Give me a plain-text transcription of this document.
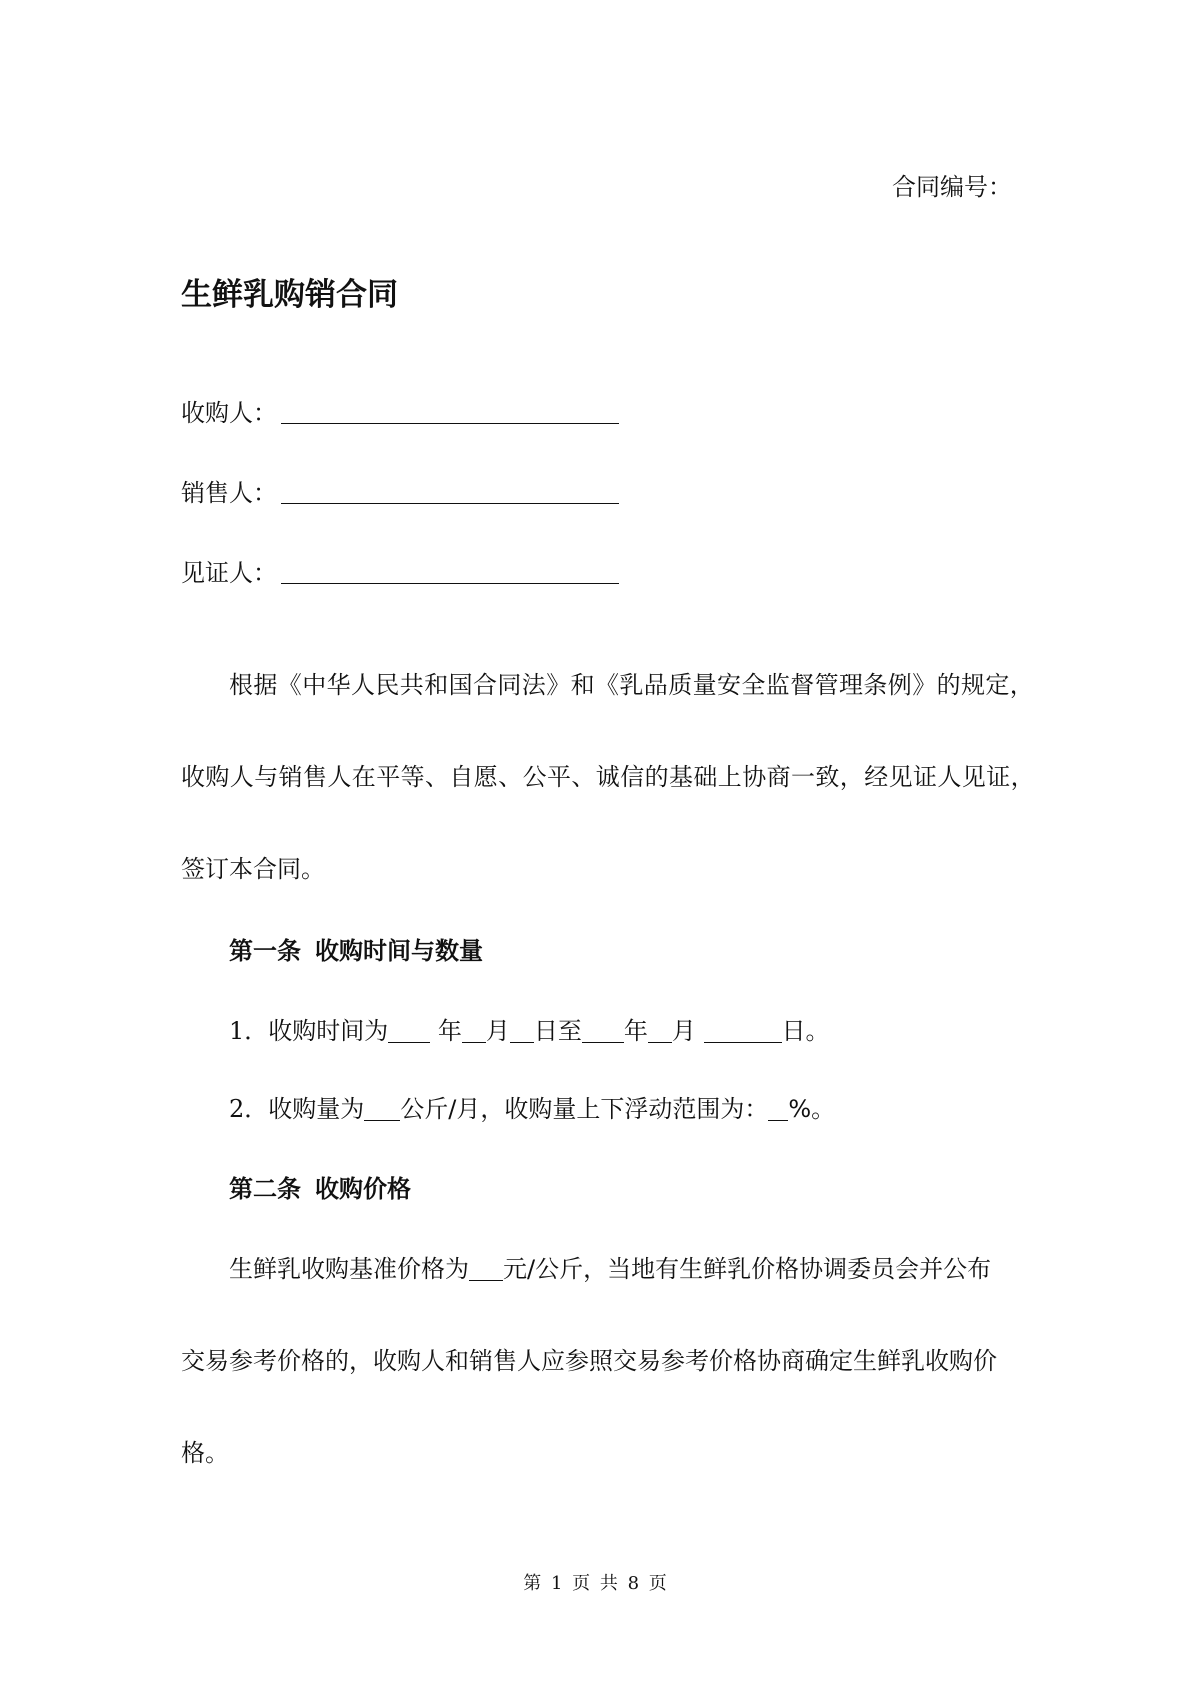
合同编号：
生鲜乳购销合同
收购人：
销售人：
见证人：
根据《中华人民共和国合同法》和《乳品质量安全监督管理条例》的规定，
收购人与销售人在平等、自愿、公平、诚信的基础上协商一致，经见证人见证，
签订本合同。
第一条 收购时间与数量
1．收购时间为 年 月 日至 年 月	日。
2．收购量为 公斤/月，收购量上下浮动范围为： %。
第二条 收购价格
生鲜乳收购基准价格为 元/公斤，当地有生鲜乳价格协调委员会并公布
交易参考价格的，收购人和销售人应参照交易参考价格协商确定生鲜乳收购价
格。
第 1 页 共 8 页
